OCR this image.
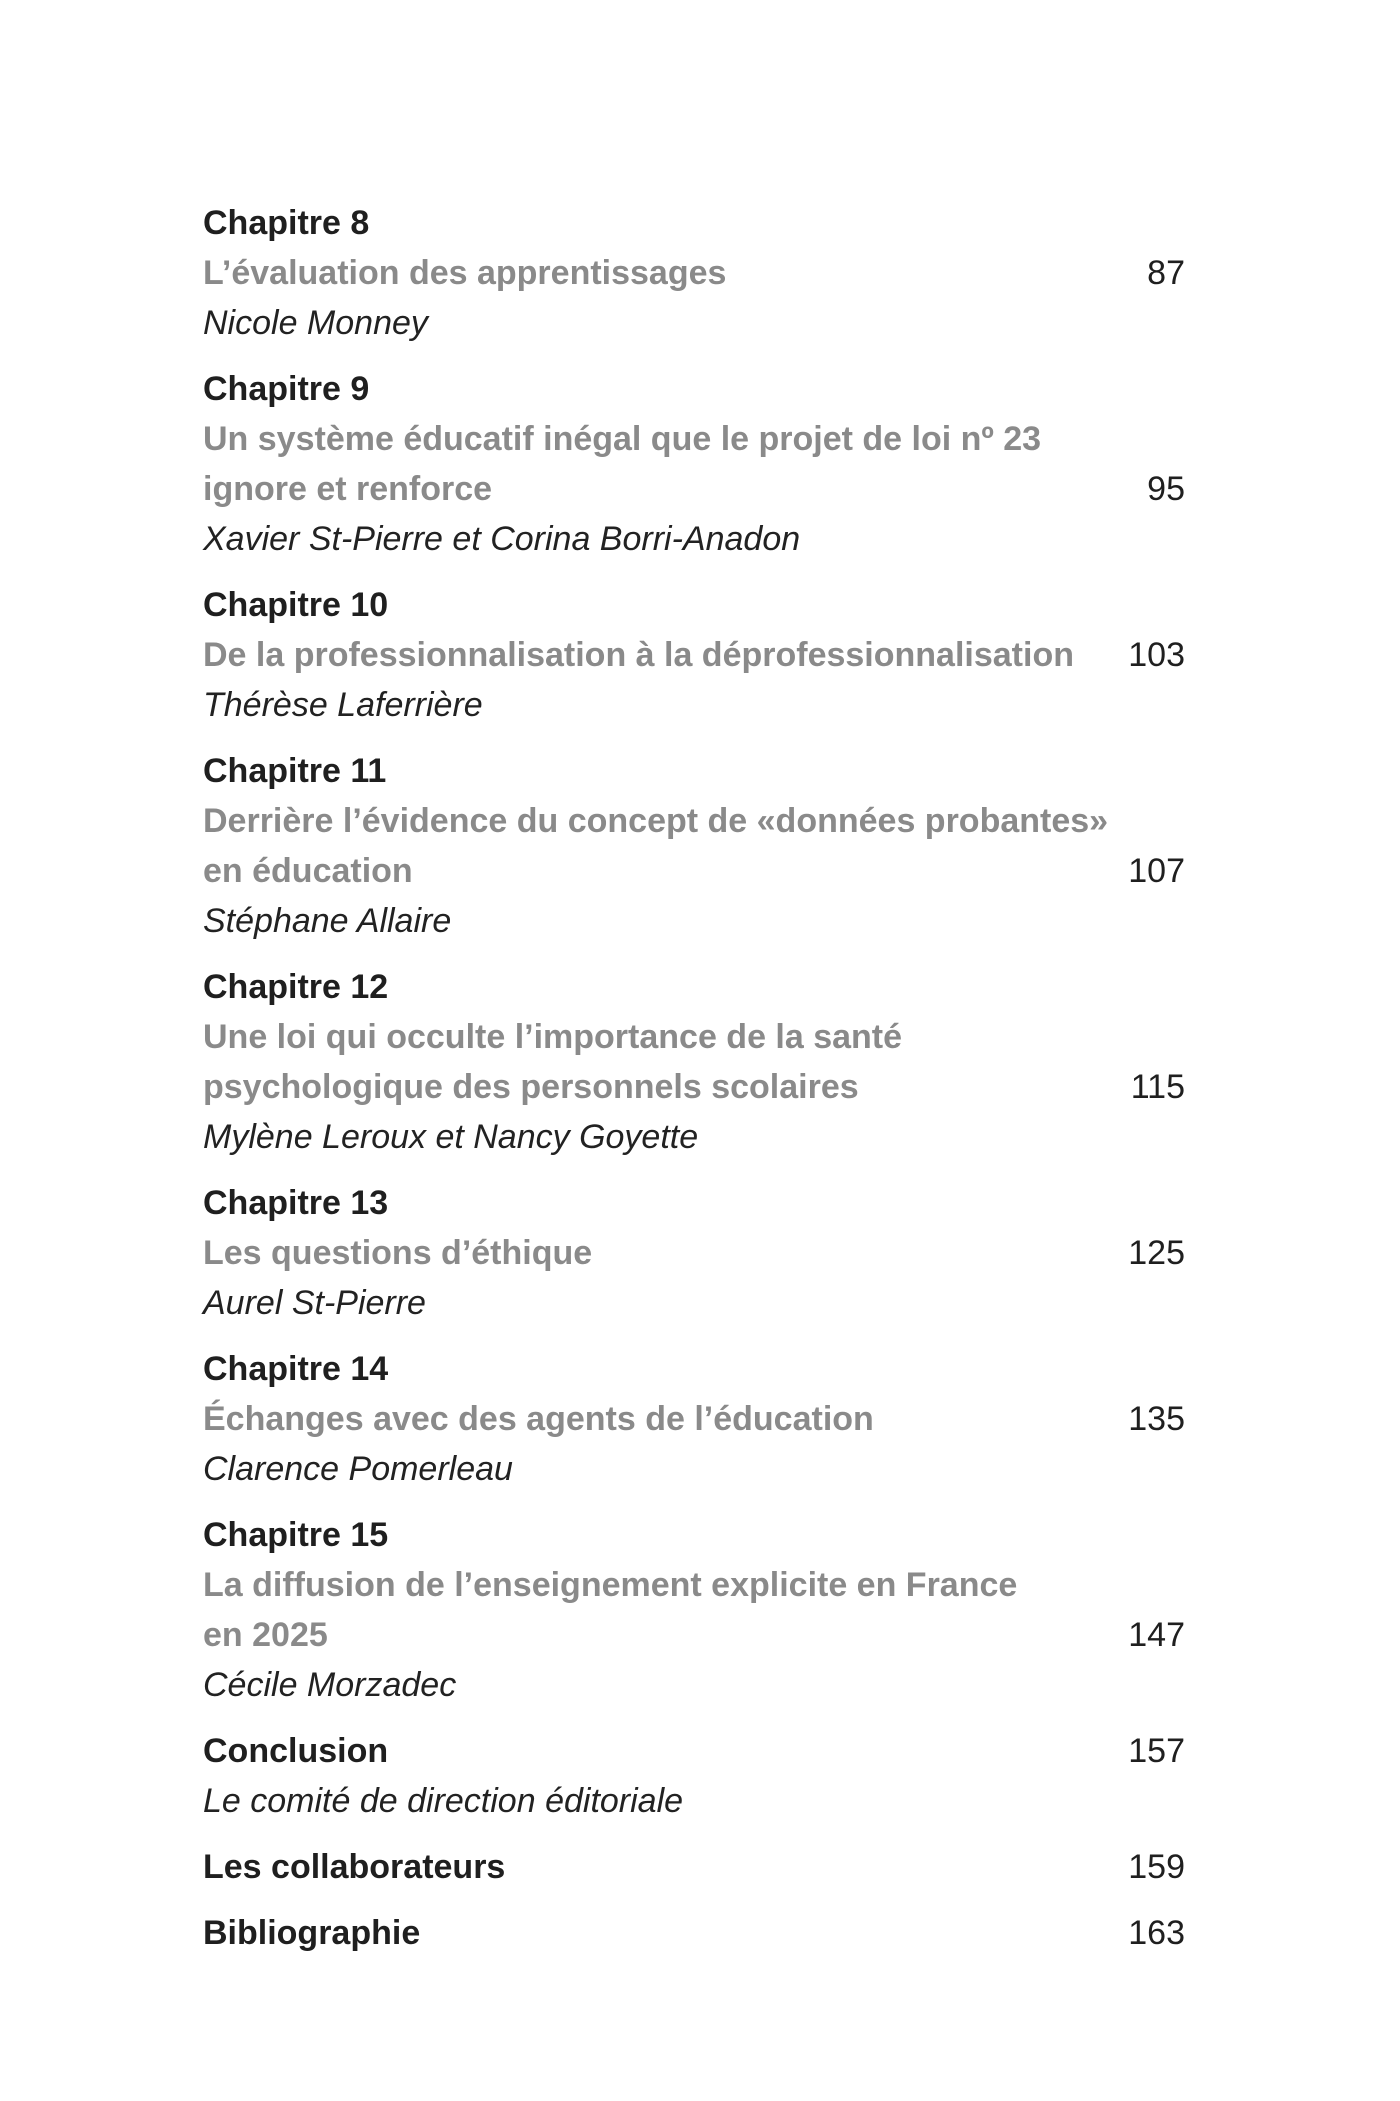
Chapitre 8
L’évaluation des apprentissages	87
Nicole Monney
Chapitre 9
Un système éducatif inégal que le projet de loi nº 23
ignore et renforce	95
Xavier St-Pierre et Corina Borri-Anadon
Chapitre 10
De la professionnalisation à la déprofessionnalisation 103
Thérèse Laferrière
Chapitre 11
Derrière l’évidence du concept de «données probantes»
en éducation	107
Stéphane Allaire
Chapitre 12
Une loi qui occulte l’importance de la santé
psychologique des personnels scolaires	115
Mylène Leroux et Nancy Goyette
Chapitre 13
Les questions d’éthique	125
Aurel St-Pierre
Chapitre 14
Échanges avec des agents de l’éducation	135
Clarence Pomerleau
Chapitre 15
La diffusion de l’enseignement explicite en France
en 2025	147
Cécile Morzadec
Conclusion	157
Le comité de direction éditoriale
Les collaborateurs	159
Bibliographie	163
